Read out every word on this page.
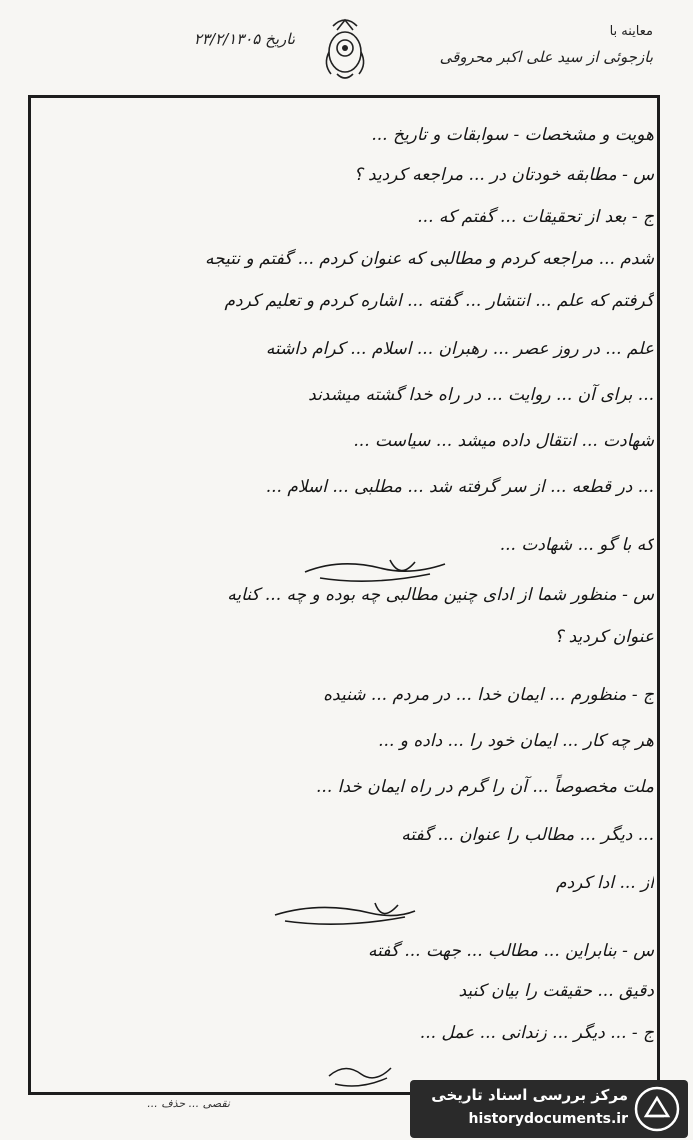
تاریخ ۲۳/۲/۱۳۰۵	معاینه با
بازجوئی از سید علی اکبر محروقی
هویت و مشخصات - سوابقات و تاریخ ...
س - مطابقه خودتان در ... مراجعه کردید ؟
ج - بعد از تحقیقات ... گفتم که ...
شدم ... مراجعه کردم و مطالبی که عنوان کردم ... گفتم و نتیجه
گرفتم که علم ... انتشار ... گفته ... اشاره کردم و تعلیم کردم
علم ... در روز عصر ... رهبران ... اسلام ... کرام داشته
... برای آن ... روایت ... در راه خدا گشته میشدند
شهادت ... انتقال داده میشد ... سیاست ...
... در قطعه ... از سر گرفته شد ... مطلبی ... اسلام ...
که با گو ... شهادت ...
س - منظور شما از ادای چنین مطالبی چه بوده و چه ... کنایه
عنوان کردید ؟
ج - منظورم ... ایمان خدا ... در مردم ... شنیده
هر چه کار ... ایمان خود را ... داده و ...
ملت مخصوصاً ... آن را گرم در راه ایمان خدا ...
... دیگر ... مطالب را عنوان ... گفته
از ... ادا کردم
س - بنابراین ... مطالب ... جهت ... گفته
دقیق ... حقیقت را بیان کنید
ج - ... دیگر ... زندانی ... عمل ...
نقصی ... حذف ...	مرکز بررسی اسناد تاریخی
historydocuments.ir
